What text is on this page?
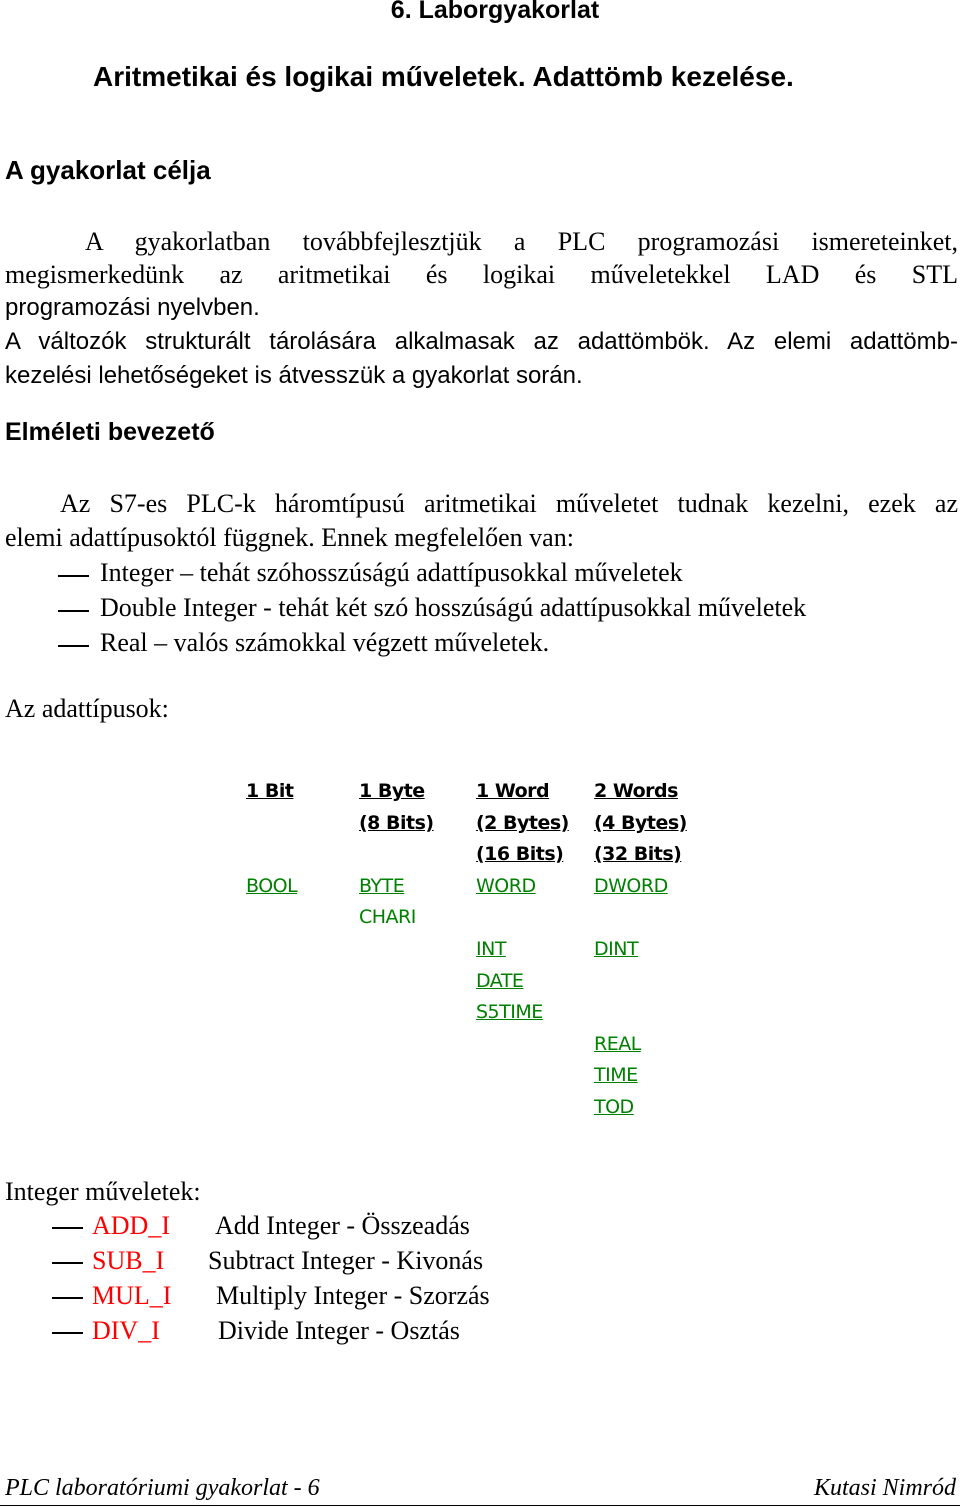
6. Laborgyakorlat
Aritmetikai és logikai műveletek. Adattömb kezelése.
A gyakorlat célja
A gyakorlatban továbbfejlesztjük a PLC programozási ismereteinket,
megismerkedünk az aritmetikai és logikai műveletekkel LAD és STL
programozási nyelvben.
A változók strukturált tárolására alkalmasak az adattömbök. Az elemi adattömb-
kezelési lehetőségeket is átvesszük a gyakorlat során.
Elméleti bevezető
Az S7-es PLC-k háromtípusú aritmetikai műveletet tudnak kezelni, ezek az
elemi adattípusoktól függnek. Ennek megfelelően van:
Integer – tehát szóhosszúságú adattípusokkal műveletek
Double Integer - tehát két szó hosszúságú adattípusokkal műveletek
Real – valós számokkal végzett műveletek.
Az adattípusok:
1 Bit
BOOL
1 Byte
(8 Bits)
BYTE
CHARI
1 Word
(2 Bytes)
(16 Bits)
WORD
INT
DATE
S5TIME
2 Words
(4 Bytes)
(32 Bits)
DWORD
DINT
REAL
TIME
TOD
Integer műveletek:
ADD_I Add Integer - Összeadás
SUB_I Subtract Integer - Kivonás
MUL_I Multiply Integer - Szorzás
DIV_I Divide Integer - Osztás
PLC laboratóriumi gyakorlat - 6	Kutasi Nimród
